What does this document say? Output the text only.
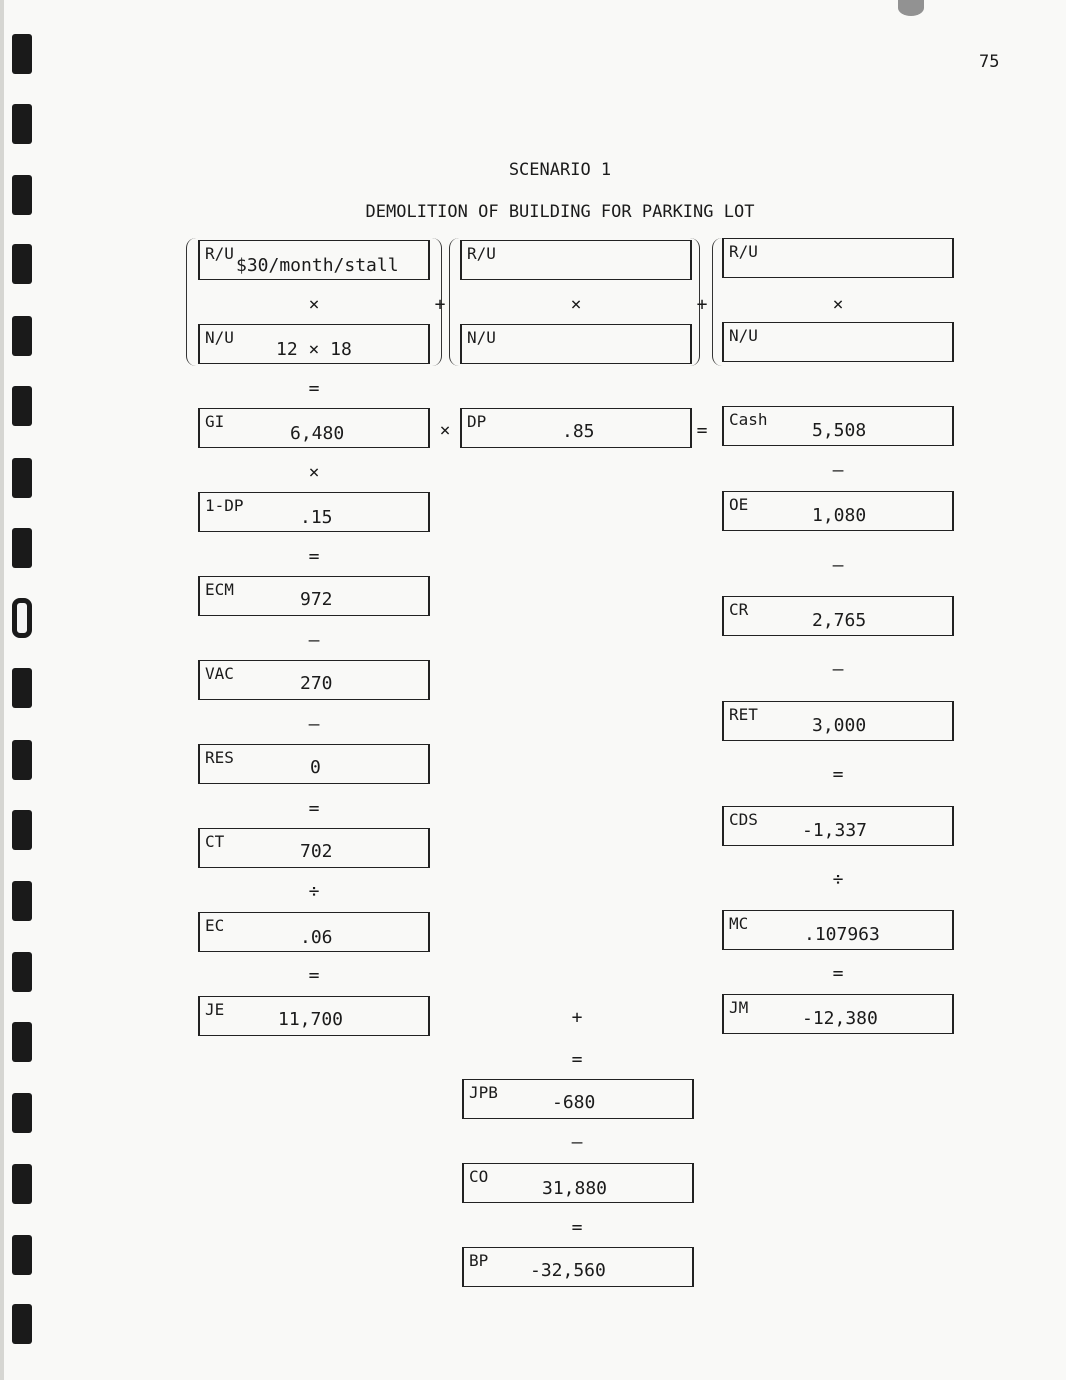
75
SCENARIO 1
DEMOLITION OF BUILDING FOR PARKING LOT
R/U
$30/month/stall
×
N/U
12 × 18
+
R/U
×
N/U
+
R/U
×
N/U
=
GI
6,480	×
×
1-DP
.15
=
ECM	972
–
VAC	270
–
RES	0
=
CT	702
÷
EC
.06
=
JE	11,700
DP	.85	=
+
=
JPB	-680
–
CO
31,880
=
BP -32,560
Cash
5,508
–
OE
1,080
–
CR
2,765
–
RET
3,000
=
CDS
-1,337
÷
MC
.107963
=
JM
-12,380
